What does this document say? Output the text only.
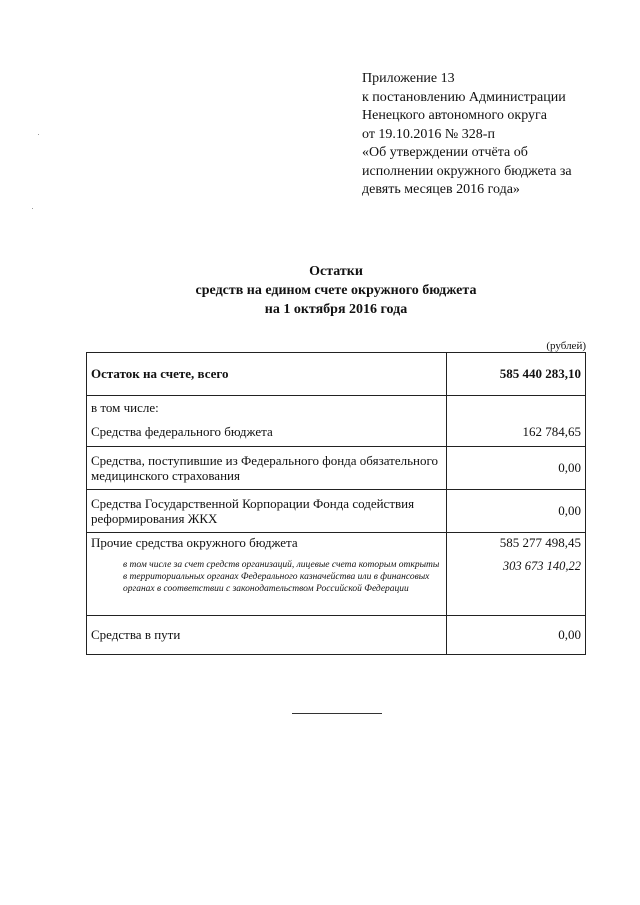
Приложение 13
к постановлению Администрации
Ненецкого автономного округа
от 19.10.2016 № 328-п
«Об утверждении отчёта об
исполнении окружного бюджета за
девять месяцев 2016 года»
Остатки
средств на едином счете окружного бюджета
на 1 октября 2016 года
(рублей)
Остаток на счете, всего	585 440 283,10
в том числе:	
Средства федерального бюджета	162 784,65
Средства, поступившие из Федерального фонда обязательного медицинского страхования	0,00
Средства Государственной Корпорации Фонда содействия реформирования ЖКХ	0,00
Прочие средства окружного бюджета	585 277 498,45
в том числе за счет средств организаций, лицевые счета которым открыты в территориальных органах Федерального казначейства или в финансовых органах в соответствии с законодательством Российской Федерации	303 673 140,22
Средства в пути	0,00
